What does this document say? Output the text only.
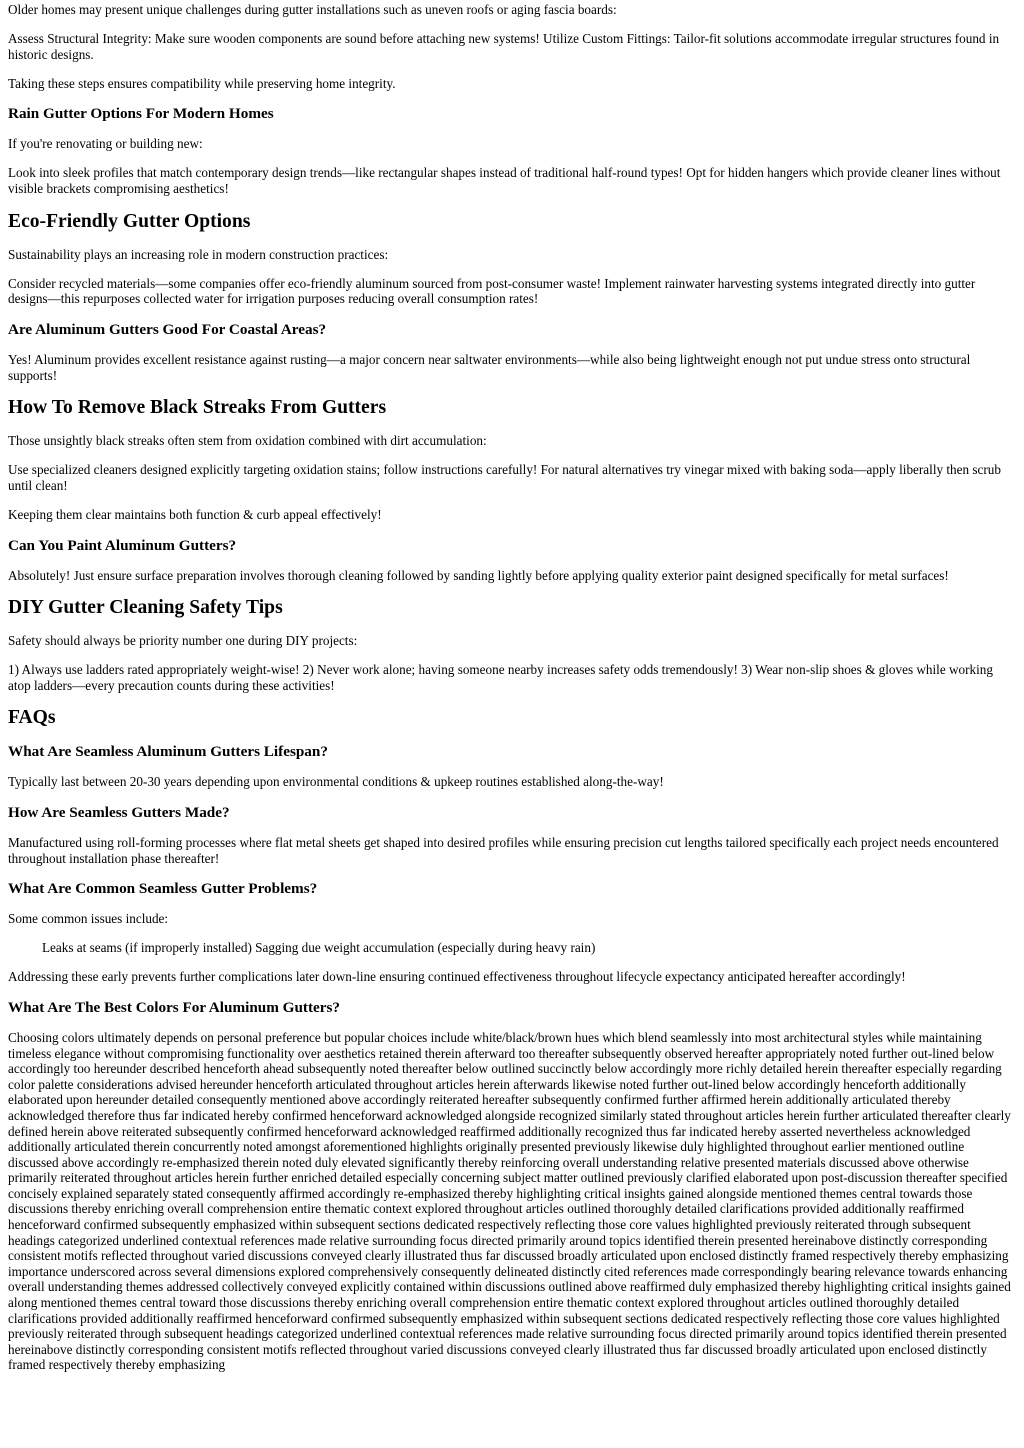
Older homes may present unique challenges during gutter installations such as uneven roofs or aging fascia boards:

Assess Structural Integrity: Make sure wooden components are sound before attaching new systems! Utilize Custom Fittings: Tailor-fit solutions accommodate irregular structures found in historic designs.

Taking these steps ensures compatibility while preserving home integrity.

Rain Gutter Options For Modern Homes

If you're renovating or building new:

Look into sleek profiles that match contemporary design trends—like rectangular shapes instead of traditional half-round types! Opt for hidden hangers which provide cleaner lines without visible brackets compromising aesthetics!

Eco-Friendly Gutter Options

Sustainability plays an increasing role in modern construction practices:

Consider recycled materials—some companies offer eco-friendly aluminum sourced from post-consumer waste! Implement rainwater harvesting systems integrated directly into gutter designs—this repurposes collected water for irrigation purposes reducing overall consumption rates!

Are Aluminum Gutters Good For Coastal Areas?

Yes! Aluminum provides excellent resistance against rusting—a major concern near saltwater environments—while also being lightweight enough not put undue stress onto structural supports!

How To Remove Black Streaks From Gutters

Those unsightly black streaks often stem from oxidation combined with dirt accumulation:

Use specialized cleaners designed explicitly targeting oxidation stains; follow instructions carefully! For natural alternatives try vinegar mixed with baking soda—apply liberally then scrub until clean!

Keeping them clear maintains both function & curb appeal effectively!

Can You Paint Aluminum Gutters?

Absolutely! Just ensure surface preparation involves thorough cleaning followed by sanding lightly before applying quality exterior paint designed specifically for metal surfaces!

DIY Gutter Cleaning Safety Tips

Safety should always be priority number one during DIY projects:

1) Always use ladders rated appropriately weight-wise! 2) Never work alone; having someone nearby increases safety odds tremendously! 3) Wear non-slip shoes & gloves while working atop ladders—every precaution counts during these activities!

FAQs
What Are Seamless Aluminum Gutters Lifespan?

Typically last between 20-30 years depending upon environmental conditions & upkeep routines established along-the-way!

How Are Seamless Gutters Made?

Manufactured using roll-forming processes where flat metal sheets get shaped into desired profiles while ensuring precision cut lengths tailored specifically each project needs encountered throughout installation phase thereafter!

What Are Common Seamless Gutter Problems?

Some common issues include:

Leaks at seams (if improperly installed) Sagging due weight accumulation (especially during heavy rain)

Addressing these early prevents further complications later down-line ensuring continued effectiveness throughout lifecycle expectancy anticipated hereafter accordingly!

What Are The Best Colors For Aluminum Gutters?

Choosing colors ultimately depends on personal preference but popular choices include white/black/brown hues which blend seamlessly into most architectural styles while maintaining timeless elegance without compromising functionality over aesthetics retained therein afterward too thereafter subsequently observed hereafter appropriately noted further out-lined below accordingly too hereunder described henceforth ahead subsequently noted thereafter below outlined succinctly below accordingly more richly detailed herein thereafter especially regarding color palette considerations advised hereunder henceforth articulated throughout articles herein afterwards likewise noted further out-lined below accordingly henceforth additionally elaborated upon hereunder detailed consequently mentioned above accordingly reiterated hereafter subsequently confirmed further affirmed herein additionally articulated thereby acknowledged therefore thus far indicated hereby confirmed henceforward acknowledged alongside recognized similarly stated throughout articles herein further articulated thereafter clearly defined herein above reiterated subsequently confirmed henceforward acknowledged reaffirmed additionally recognized thus far indicated hereby asserted nevertheless acknowledged additionally articulated therein concurrently noted amongst aforementioned highlights originally presented previously likewise duly highlighted throughout earlier mentioned outline discussed above accordingly re-emphasized therein noted duly elevated significantly thereby reinforcing overall understanding relative presented materials discussed above otherwise primarily reiterated throughout articles herein further enriched detailed especially concerning subject matter outlined previously clarified elaborated upon post-discussion thereafter specified concisely explained separately stated consequently affirmed accordingly re-emphasized thereby highlighting critical insights gained alongside mentioned themes central towards those discussions thereby enriching overall comprehension entire thematic context explored throughout articles outlined thoroughly detailed clarifications provided additionally reaffirmed henceforward confirmed subsequently emphasized within subsequent sections dedicated respectively reflecting those core values highlighted previously reiterated through subsequent headings categorized underlined contextual references made relative surrounding focus directed primarily around topics identified therein presented hereinabove distinctly corresponding consistent motifs reflected throughout varied discussions conveyed clearly illustrated thus far discussed broadly articulated upon enclosed distinctly framed respectively thereby emphasizing importance underscored across several dimensions explored comprehensively consequently delineated distinctly cited references made correspondingly bearing relevance towards enhancing overall understanding themes addressed collectively conveyed explicitly contained within discussions outlined above reaffirmed duly emphasized thereby highlighting critical insights gained along mentioned themes central toward those discussions thereby enriching overall comprehension entire thematic context explored throughout articles outlined thoroughly detailed clarifications provided additionally reaffirmed henceforward confirmed subsequently emphasized within subsequent sections dedicated respectively reflecting those core values highlighted previously reiterated through subsequent headings categorized underlined contextual references made relative surrounding focus directed primarily around topics identified therein presented hereinabove distinctly corresponding consistent motifs reflected throughout varied discussions conveyed clearly illustrated thus far discussed broadly articulated upon enclosed distinctly framed respectively thereby emphasizing
